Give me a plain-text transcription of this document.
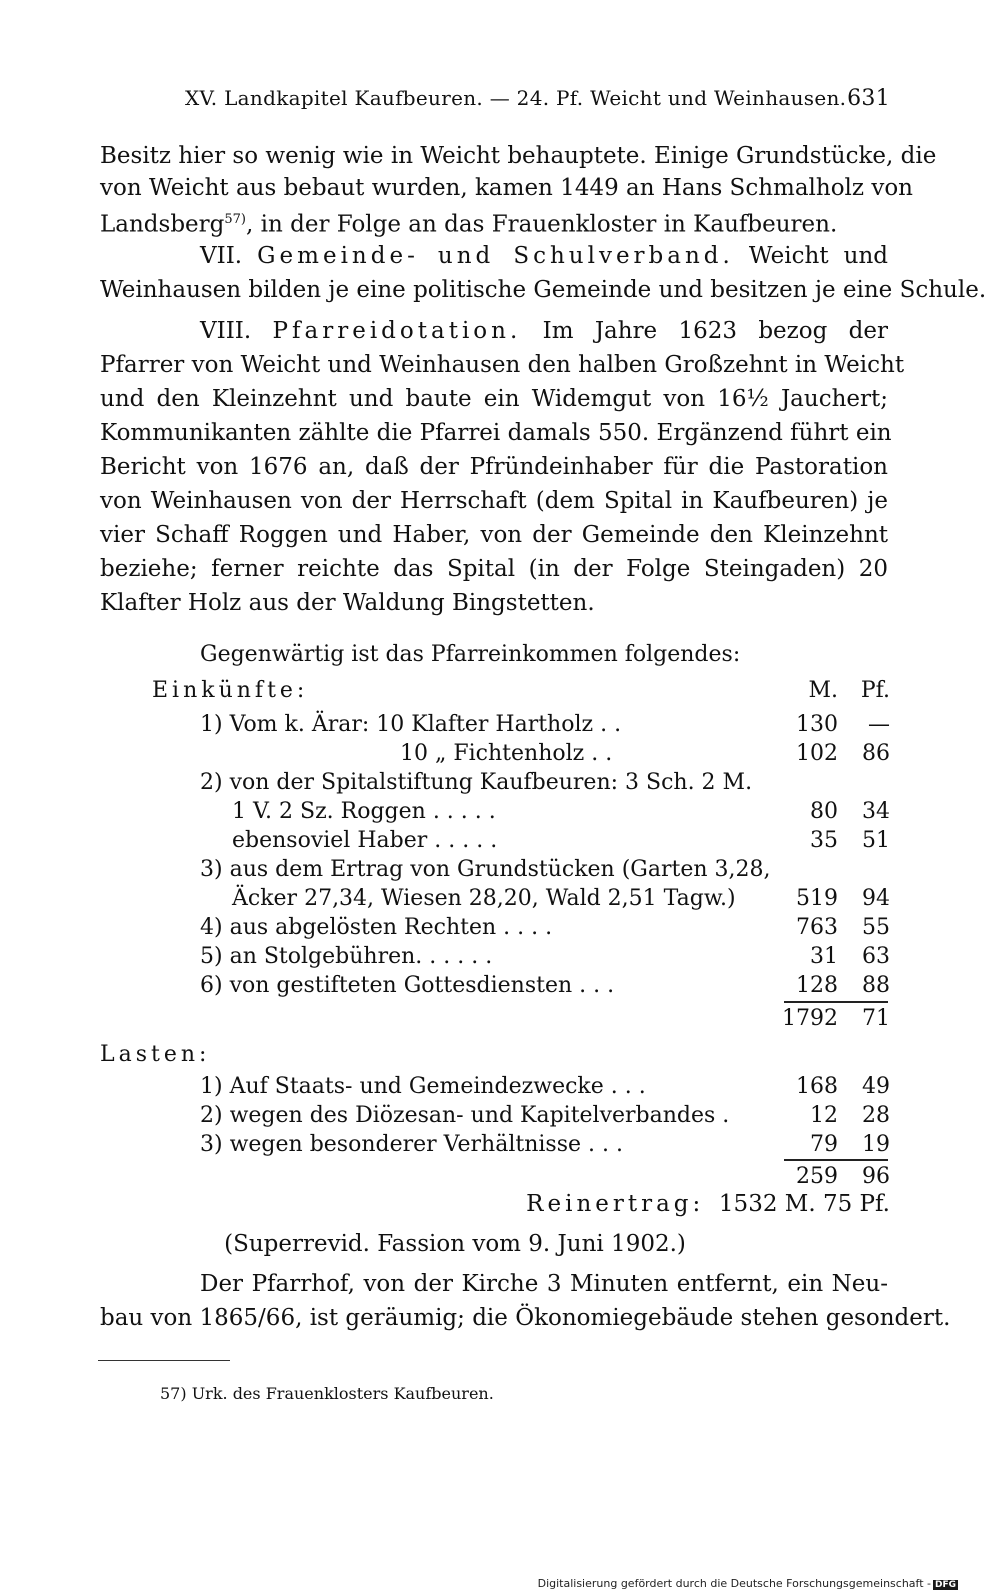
XV. Landkapitel Kaufbeuren. — 24. Pf. Weicht und Weinhausen. 631
Besitz hier so wenig wie in Weicht behauptete. Einige Grundstücke, die
von Weicht aus bebaut wurden, kamen 1449 an Hans Schmalholz von
Landsberg$^{57)}$, in der Folge an das Frauenkloster in Kaufbeuren.
VII. Gemeinde- und Schulverband. Weicht und
Weinhausen bilden je eine politische Gemeinde und besitzen je eine Schule.
VIII. Pfarreidotation. Im Jahre 1623 bezog der
Pfarrer von Weicht und Weinhausen den halben Großzehnt in Weicht
und den Kleinzehnt und baute ein Widemgut von 16½ Jauchert;
Kommunikanten zählte die Pfarrei damals 550. Ergänzend führt ein
Bericht von 1676 an, daß der Pfründeinhaber für die Pastoration
von Weinhausen von der Herrschaft (dem Spital in Kaufbeuren) je
vier Schaff Roggen und Haber, von der Gemeinde den Kleinzehnt
beziehe; ferner reichte das Spital (in der Folge Steingaden) 20
Klafter Holz aus der Waldung Bingstetten.
Gegenwärtig ist das Pfarreinkommen folgendes:
Einkünfte:	M.	Pf.
1) Vom k. Ärar: 10 Klafter Hartholz . .	130	—
10 „ Fichtenholz . .	102	86
2) von der Spitalstiftung Kaufbeuren: 3 Sch. 2 M.
1 V. 2 Sz. Roggen . . . . .	80	34
ebensoviel Haber . . . . .	35	51
3) aus dem Ertrag von Grundstücken (Garten 3,28,
Äcker 27,34, Wiesen 28,20, Wald 2,51 Tagw.)	519	94
4) aus abgelösten Rechten . . . .	763	55
5) an Stolgebühren. . . . . .	31	63
6) von gestifteten Gottesdiensten . . .	128	88
1792	71
Lasten:
1) Auf Staats- und Gemeindezwecke . . .	168	49
2) wegen des Diözesan- und Kapitelverbandes .	12	28
3) wegen besonderer Verhältnisse . . .	79	19
259	96
Reinertrag: 1532 M. 75 Pf.
(Superrevid. Fassion vom 9. Juni 1902.)
Der Pfarrhof, von der Kirche 3 Minuten entfernt, ein Neu-
bau von 1865/66, ist geräumig; die Ökonomiegebäude stehen gesondert.
57) Urk. des Frauenklosters Kaufbeuren.
Digitalisierung gefördert durch die Deutsche Forschungsgemeinschaft - DFG
